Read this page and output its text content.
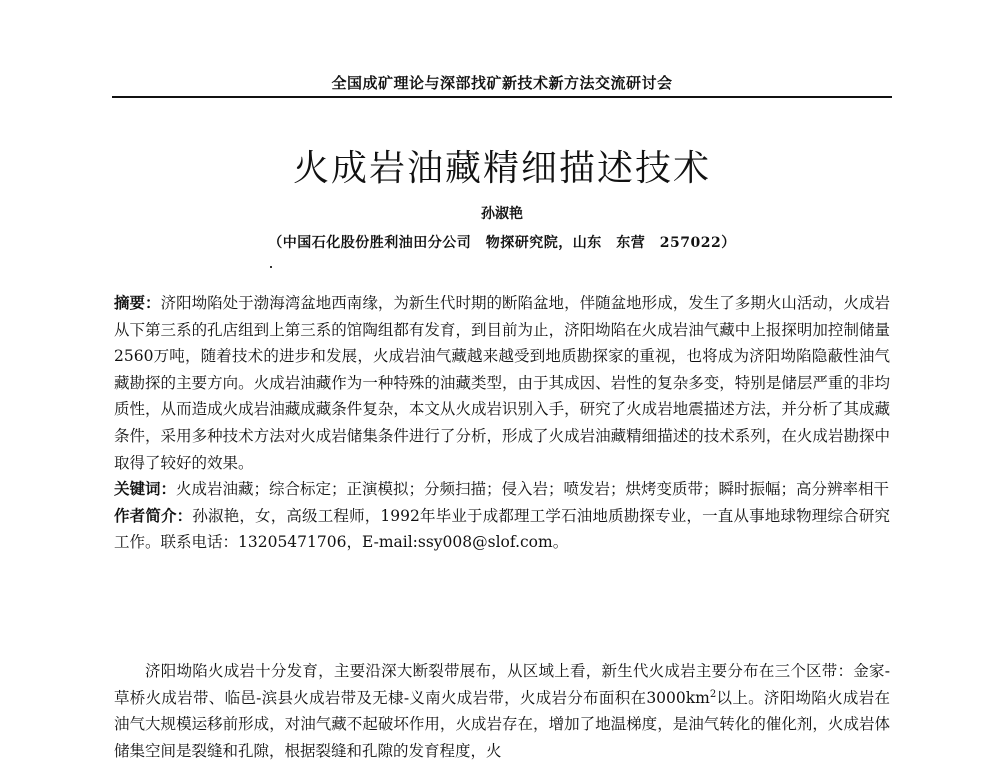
全国成矿理论与深部找矿新技术新方法交流研讨会
火成岩油藏精细描述技术
孙淑艳
（中国石化股份胜利油田分公司　物探研究院，山东　东营　257022）

摘要：济阳坳陷处于渤海湾盆地西南缘，为新生代时期的断陷盆地，伴随盆地形成，发生了多期火山活动，火成岩从下第三系的孔店组到上第三系的馆陶组都有发育，到目前为止，济阳坳陷在火成岩油气藏中上报探明加控制储量2560万吨，随着技术的进步和发展，火成岩油气藏越来越受到地质勘探家的重视，也将成为济阳坳陷隐蔽性油气藏勘探的主要方向。火成岩油藏作为一种特殊的油藏类型，由于其成因、岩性的复杂多变，特别是储层严重的非均质性，从而造成火成岩油藏成藏条件复杂，本文从火成岩识别入手，研究了火成岩地震描述方法，并分析了其成藏条件，采用多种技术方法对火成岩储集条件进行了分析，形成了火成岩油藏精细描述的技术系列，在火成岩勘探中取得了较好的效果。

关键词：火成岩油藏；综合标定；正演模拟；分频扫描；侵入岩；喷发岩；烘烤变质带；瞬时振幅；高分辨率相干

作者简介：孙淑艳，女，高级工程师，1992年毕业于成都理工学石油地质勘探专业，一直从事地球物理综合研究工作。联系电话：13205471706，E-mail:ssy008@slof.com。

济阳坳陷火成岩十分发育，主要沿深大断裂带展布，从区域上看，新生代火成岩主要分布在三个区带：金家-草桥火成岩带、临邑-滨县火成岩带及无棣-义南火成岩带，火成岩分布面积在$3000km^2$以上。济阳坳陷火成岩在油气大规模运移前形成，对油气藏不起破坏作用，火成岩存在，增加了地温梯度，是油气转化的催化剂，火成岩体储集空间是裂缝和孔隙，根据裂缝和孔隙的发育程度，火
